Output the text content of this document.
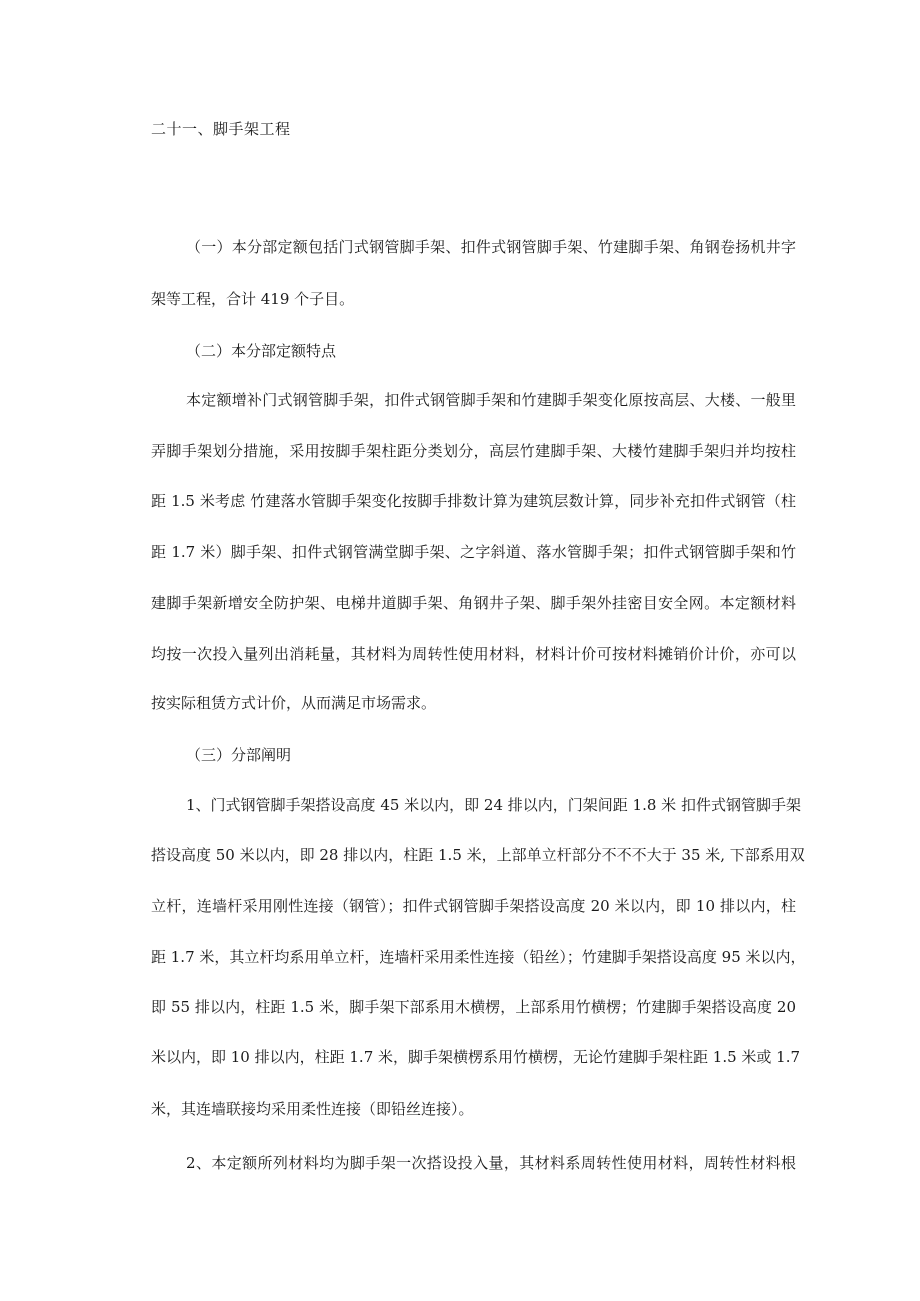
二十一、脚手架工程
（一）本分部定额包括门式钢管脚手架、扣件式钢管脚手架、竹建脚手架、角钢卷扬机井字
架等工程，合计 419 个子目。
（二）本分部定额特点
本定额增补门式钢管脚手架，扣件式钢管脚手架和竹建脚手架变化原按高层、大楼、一般里
弄脚手架划分措施，采用按脚手架柱距分类划分，高层竹建脚手架、大楼竹建脚手架归并均按柱
距 1.5 米考虑 竹建落水管脚手架变化按脚手排数计算为建筑层数计算，同步补充扣件式钢管（柱
距 1.7 米）脚手架、扣件式钢管满堂脚手架、之字斜道、落水管脚手架；扣件式钢管脚手架和竹
建脚手架新增安全防护架、电梯井道脚手架、角钢井子架、脚手架外挂密目安全网。本定额材料
均按一次投入量列出消耗量，其材料为周转性使用材料，材料计价可按材料摊销价计价，亦可以
按实际租赁方式计价，从而满足市场需求。
（三）分部阐明
1、门式钢管脚手架搭设高度 45 米以内，即 24 排以内，门架间距 1.8 米 扣件式钢管脚手架
搭设高度 50 米以内，即 28 排以内，柱距 1.5 米，上部单立杆部分不不不大于 35 米, 下部系用双
立杆，连墙杆采用刚性连接（钢管）；扣件式钢管脚手架搭设高度 20 米以内，即 10 排以内，柱
距 1.7 米，其立杆均系用单立杆，连墙杆采用柔性连接（铅丝）；竹建脚手架搭设高度 95 米以内，
即 55 排以内，柱距 1.5 米，脚手架下部系用木横楞，上部系用竹横楞；竹建脚手架搭设高度 20
米以内，即 10 排以内，柱距 1.7 米，脚手架横楞系用竹横楞，无论竹建脚手架柱距 1.5 米或 1.7
米，其连墙联接均采用柔性连接（即铅丝连接）。
2、本定额所列材料均为脚手架一次搭设投入量，其材料系周转性使用材料，周转性材料根
